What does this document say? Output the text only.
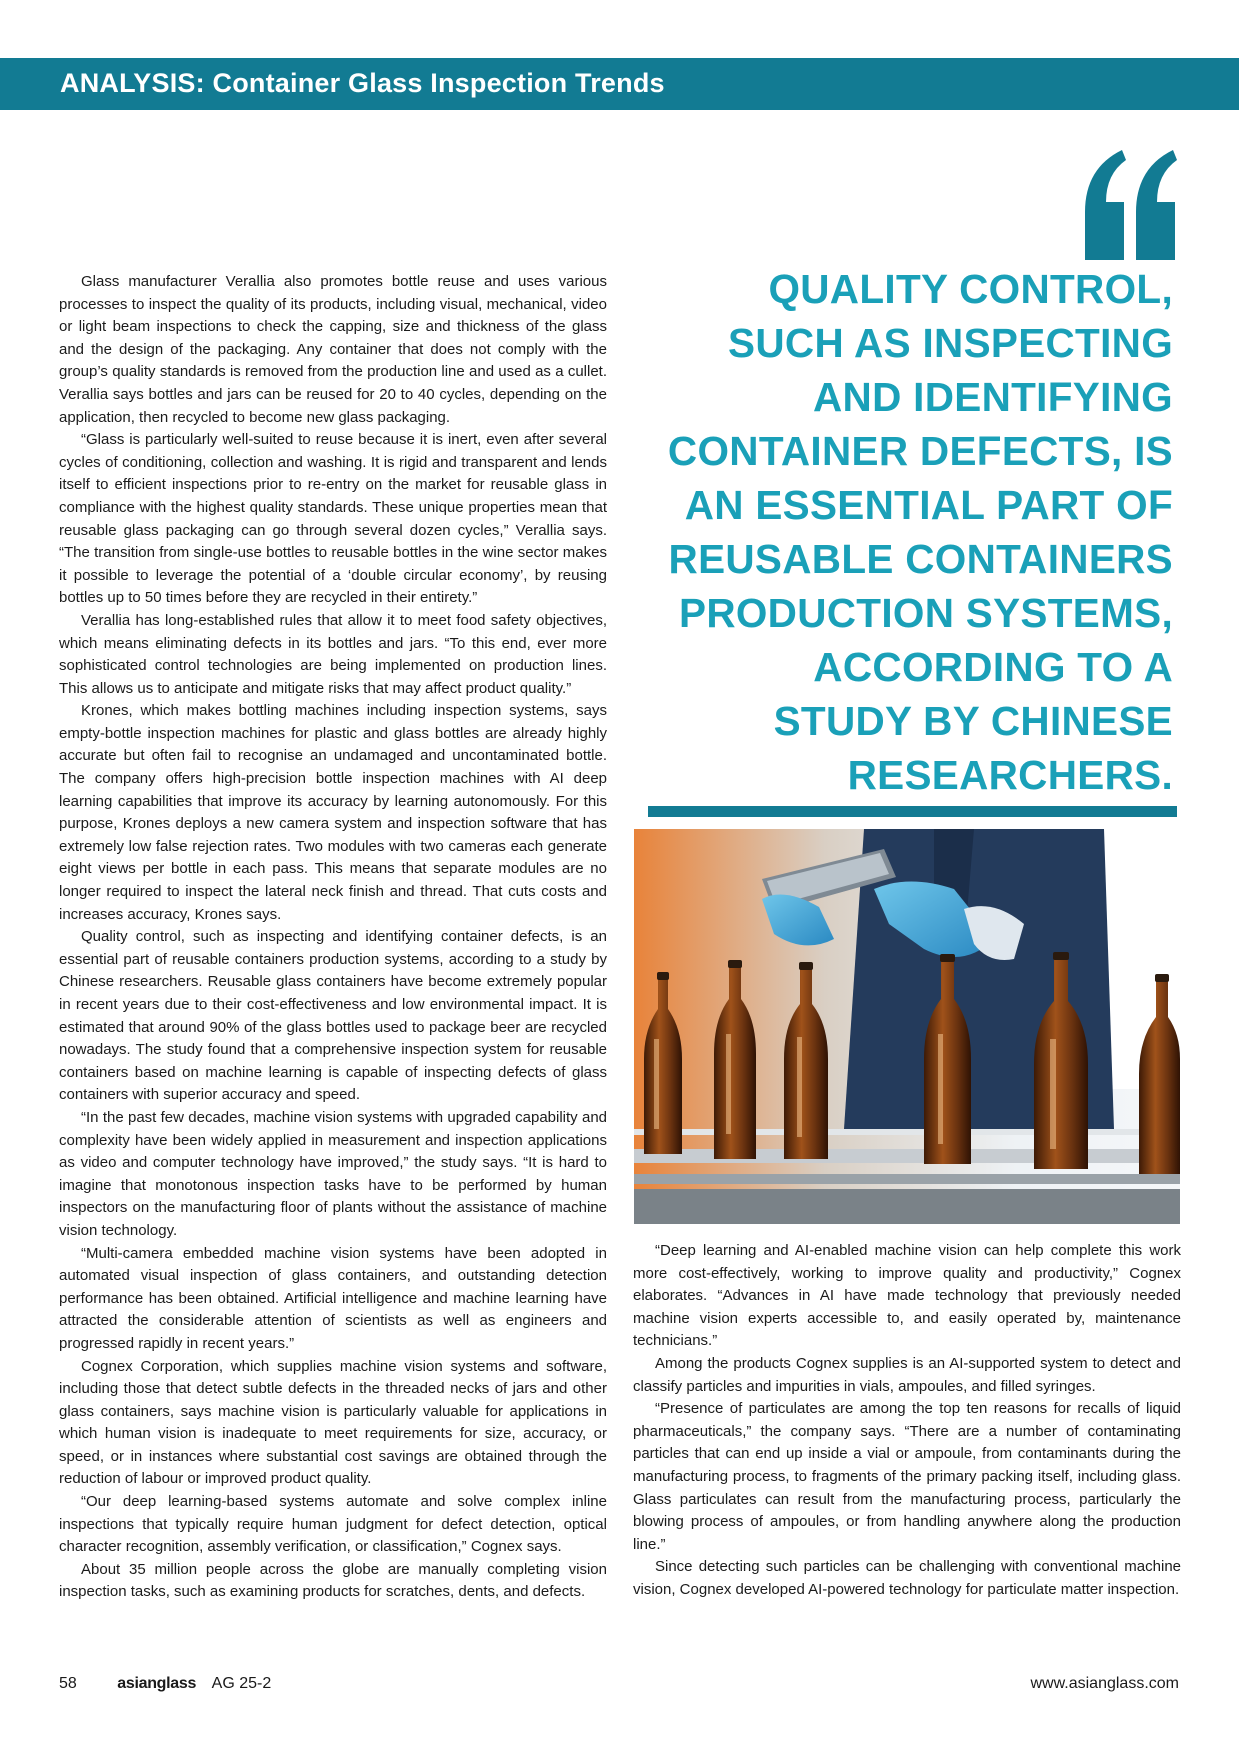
ANALYSIS: Container Glass Inspection Trends

Glass manufacturer Verallia also promotes bottle reuse and uses various processes to inspect the quality of its products, including visual, mechanical, video or light beam inspections to check the capping, size and thickness of the glass and the design of the packaging. Any container that does not comply with the group’s quality standards is removed from the production line and used as a cullet. Verallia says bottles and jars can be reused for 20 to 40 cycles, depending on the application, then recycled to become new glass packaging.

“Glass is particularly well-suited to reuse because it is inert, even after several cycles of conditioning, collection and washing. It is rigid and transparent and lends itself to efficient inspections prior to re-entry on the market for reusable glass in compliance with the highest quality standards. These unique properties mean that reusable glass packaging can go through several dozen cycles,” Verallia says. “The transition from single-use bottles to reusable bottles in the wine sector makes it possible to leverage the potential of a ‘double circular economy’, by reusing bottles up to 50 times before they are recycled in their entirety.”

Verallia has long-established rules that allow it to meet food safety objectives, which means eliminating defects in its bottles and jars. “To this end, ever more sophisticated control technologies are being implemented on production lines. This allows us to anticipate and mitigate risks that may affect product quality.”

Krones, which makes bottling machines including inspection systems, says empty-bottle inspection machines for plastic and glass bottles are already highly accurate but often fail to recognise an undamaged and uncontaminated bottle. The company offers high-precision bottle inspection machines with AI deep learning capabilities that improve its accuracy by learning autonomously. For this purpose, Krones deploys a new camera system and inspection software that has extremely low false rejection rates. Two modules with two cameras each generate eight views per bottle in each pass. This means that separate modules are no longer required to inspect the lateral neck finish and thread. That cuts costs and increases accuracy, Krones says.

Quality control, such as inspecting and identifying container defects, is an essential part of reusable containers production systems, according to a study by Chinese researchers. Reusable glass containers have become extremely popular in recent years due to their cost-effectiveness and low environmental impact. It is estimated that around 90% of the glass bottles used to package beer are recycled nowadays. The study found that a comprehensive inspection system for reusable containers based on machine learning is capable of inspecting defects of glass containers with superior accuracy and speed.

“In the past few decades, machine vision systems with upgraded capability and complexity have been widely applied in measurement and inspection applications as video and computer technology have improved,” the study says. “It is hard to imagine that monotonous inspection tasks have to be performed by human inspectors on the manufacturing floor of plants without the assistance of machine vision technology.

“Multi-camera embedded machine vision systems have been adopted in automated visual inspection of glass containers, and outstanding detection performance has been obtained. Artificial intelligence and machine learning have attracted the considerable attention of scientists as well as engineers and progressed rapidly in recent years.”

Cognex Corporation, which supplies machine vision systems and software, including those that detect subtle defects in the threaded necks of jars and other glass containers, says machine vision is particularly valuable for applications in which human vision is inadequate to meet requirements for size, accuracy, or speed, or in instances where substantial cost savings are obtained through the reduction of labour or improved product quality.

“Our deep learning-based systems automate and solve complex inline inspections that typically require human judgment for defect detection, optical character recognition, assembly verification, or classification,” Cognex says.

About 35 million people across the globe are manually completing vision inspection tasks, such as examining products for scratches, dents, and defects.

QUALITY CONTROL,
SUCH AS INSPECTING
AND IDENTIFYING
CONTAINER DEFECTS, IS
AN ESSENTIAL PART OF
REUSABLE CONTAINERS
PRODUCTION SYSTEMS,
ACCORDING TO A
STUDY BY CHINESE
RESEARCHERS.

“Deep learning and AI-enabled machine vision can help complete this work more cost-effectively, working to improve quality and productivity,” Cognex elaborates. “Advances in AI have made technology that previously needed machine vision experts accessible to, and easily operated by, maintenance technicians.”

Among the products Cognex supplies is an AI-supported system to detect and classify particles and impurities in vials, ampoules, and filled syringes.

“Presence of particulates are among the top ten reasons for recalls of liquid pharmaceuticals,” the company says. “There are a number of contaminating particles that can end up inside a vial or ampoule, from contaminants during the manufacturing process, to fragments of the primary packing itself, including glass. Glass particulates can result from the manufacturing process, particularly the blowing process of ampoules, or from handling anywhere along the production line.”

Since detecting such particles can be challenging with conventional machine vision, Cognex developed AI-powered technology for particulate matter inspection.

58	asianglass AG 25-2	www.asianglass.com
